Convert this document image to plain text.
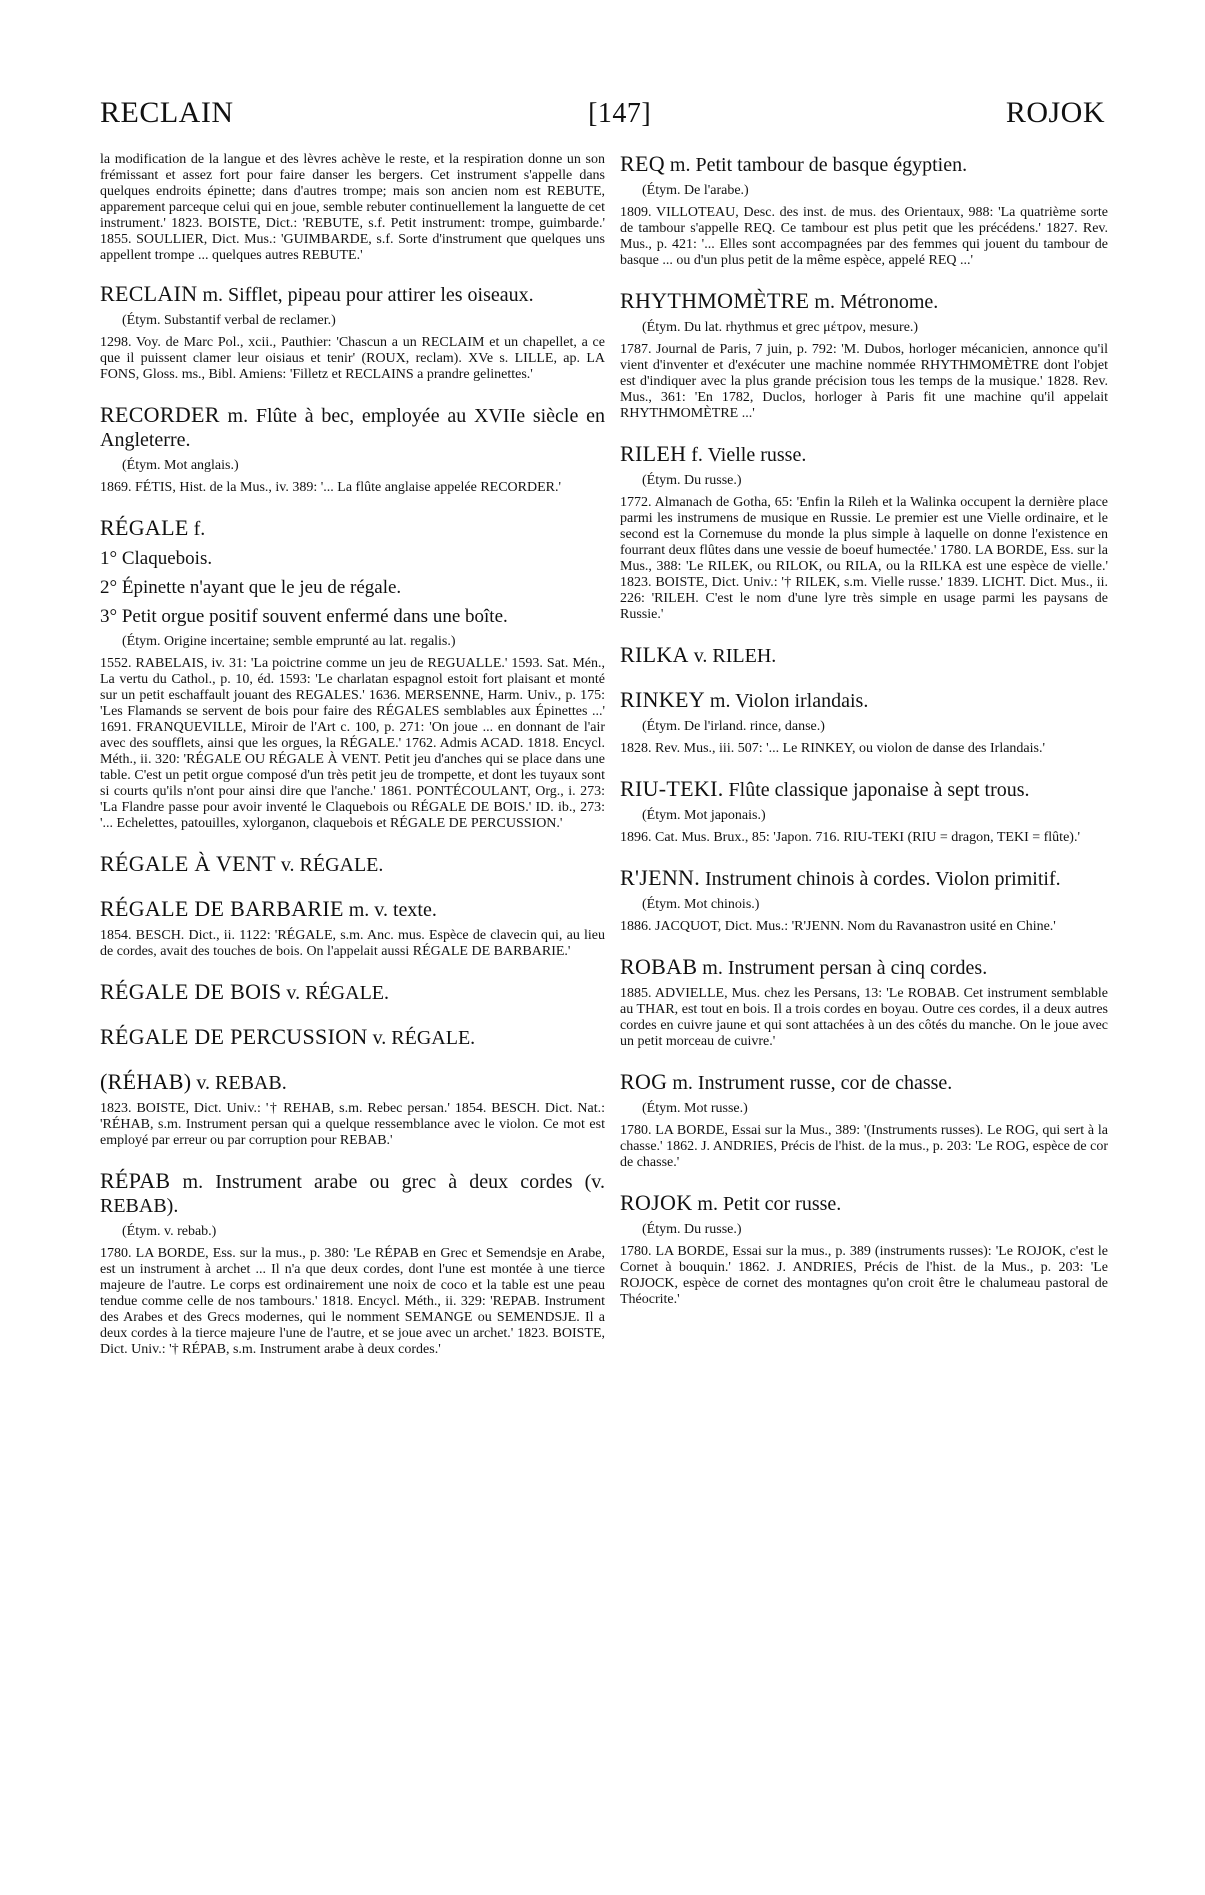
RECLAIN	[147]	ROJOK
la modification de la langue et des lèvres achève le reste, et la respiration donne un son frémissant et assez fort pour faire danser les bergers. Cet instrument s'appelle dans quelques endroits épinette; dans d'autres trompe; mais son ancien nom est REBUTE, apparement parceque celui qui en joue, semble rebuter continuellement la languette de cet instrument.' 1823. BOISTE, Dict.: 'REBUTE, s.f. Petit instrument: trompe, guimbarde.' 1855. SOULLIER, Dict. Mus.: 'GUIMBARDE, s.f. Sorte d'instrument que quelques uns appellent trompe ... quelques autres REBUTE.'
RECLAIN m. Sifflet, pipeau pour attirer les oiseaux.
(Étym. Substantif verbal de reclamer.)
1298. Voy. de Marc Pol., xcii., Pauthier: 'Chascun a un RECLAIM et un chapellet, a ce que il puissent clamer leur oisiaus et tenir' (ROUX, reclam). XVe s. LILLE, ap. LA FONS, Gloss. ms., Bibl. Amiens: 'Filletz et RECLAINS a prandre gelinettes.'
RECORDER m. Flûte à bec, employée au XVIIe siècle en Angleterre.
(Étym. Mot anglais.)
1869. FÉTIS, Hist. de la Mus., iv. 389: '... La flûte anglaise appelée RECORDER.'
RÉGALE f.
1° Claquebois.
2° Épinette n'ayant que le jeu de régale.
3° Petit orgue positif souvent enfermé dans une boîte.
(Étym. Origine incertaine; semble emprunté au lat. regalis.)
1552. RABELAIS, iv. 31: 'La poictrine comme un jeu de REGUALLE.' 1593. Sat. Mén., La vertu du Cathol., p. 10, éd. 1593: 'Le charlatan espagnol estoit fort plaisant et monté sur un petit eschaffault jouant des REGALES.' 1636. MERSENNE, Harm. Univ., p. 175: 'Les Flamands se servent de bois pour faire des RÉGALES semblables aux Épinettes ...' 1691. FRANQUEVILLE, Miroir de l'Art c. 100, p. 271: 'On joue ... en donnant de l'air avec des soufflets, ainsi que les orgues, la RÉGALE.' 1762. Admis ACAD. 1818. Encycl. Méth., ii. 320: 'RÉGALE OU RÉGALE À VENT. Petit jeu d'anches qui se place dans une table. C'est un petit orgue composé d'un très petit jeu de trompette, et dont les tuyaux sont si courts qu'ils n'ont pour ainsi dire que l'anche.' 1861. PONTÉCOULANT, Org., i. 273: 'La Flandre passe pour avoir inventé le Claquebois ou RÉGALE DE BOIS.' ID. ib., 273: '... Echelettes, patouilles, xylorganon, claquebois et RÉGALE DE PERCUSSION.'
RÉGALE À VENT v. RÉGALE.
RÉGALE DE BARBARIE m. v. texte.
1854. BESCH. Dict., ii. 1122: 'RÉGALE, s.m. Anc. mus. Espèce de clavecin qui, au lieu de cordes, avait des touches de bois. On l'appelait aussi RÉGALE DE BARBARIE.'
RÉGALE DE BOIS v. RÉGALE.
RÉGALE DE PERCUSSION v. RÉGALE.
(RÉHAB) v. REBAB.
1823. BOISTE, Dict. Univ.: '† REHAB, s.m. Rebec persan.' 1854. BESCH. Dict. Nat.: 'RÉHAB, s.m. Instrument persan qui a quelque ressemblance avec le violon. Ce mot est employé par erreur ou par corruption pour REBAB.'
RÉPAB m. Instrument arabe ou grec à deux cordes (v. REBAB).
(Étym. v. rebab.)
1780. LA BORDE, Ess. sur la mus., p. 380: 'Le RÉPAB en Grec et Semendsje en Arabe, est un instrument à archet ... Il n'a que deux cordes, dont l'une est montée à une tierce majeure de l'autre. Le corps est ordinairement une noix de coco et la table est une peau tendue comme celle de nos tambours.' 1818. Encycl. Méth., ii. 329: 'REPAB. Instrument des Arabes et des Grecs modernes, qui le nomment SEMANGE ou SEMENDSJE. Il a deux cordes à la tierce majeure l'une de l'autre, et se joue avec un archet.' 1823. BOISTE, Dict. Univ.: '† RÉPAB, s.m. Instrument arabe à deux cordes.'
REQ m. Petit tambour de basque égyptien.
(Étym. De l'arabe.)
1809. VILLOTEAU, Desc. des inst. de mus. des Orientaux, 988: 'La quatrième sorte de tambour s'appelle REQ. Ce tambour est plus petit que les précédens.' 1827. Rev. Mus., p. 421: '... Elles sont accompagnées par des femmes qui jouent du tambour de basque ... ou d'un plus petit de la même espèce, appelé REQ ...'
RHYTHMOMÈTRE m. Métronome.
(Étym. Du lat. rhythmus et grec μέτρον, mesure.)
1787. Journal de Paris, 7 juin, p. 792: 'M. Dubos, horloger mécanicien, annonce qu'il vient d'inventer et d'exécuter une machine nommée RHYTHMOMÈTRE dont l'objet est d'indiquer avec la plus grande précision tous les temps de la musique.' 1828. Rev. Mus., 361: 'En 1782, Duclos, horloger à Paris fit une machine qu'il appelait RHYTHMOMÈTRE ...'
RILEH f. Vielle russe.
(Étym. Du russe.)
1772. Almanach de Gotha, 65: 'Enfin la Rileh et la Walinka occupent la dernière place parmi les instrumens de musique en Russie. Le premier est une Vielle ordinaire, et le second est la Cornemuse du monde la plus simple à laquelle on donne l'existence en fourrant deux flûtes dans une vessie de boeuf humectée.' 1780. LA BORDE, Ess. sur la Mus., 388: 'Le RILEK, ou RILOK, ou RILA, ou la RILKA est une espèce de vielle.' 1823. BOISTE, Dict. Univ.: '† RILEK, s.m. Vielle russe.' 1839. LICHT. Dict. Mus., ii. 226: 'RILEH. C'est le nom d'une lyre très simple en usage parmi les paysans de Russie.'
RILKA v. RILEH.
RINKEY m. Violon irlandais.
(Étym. De l'irland. rince, danse.)
1828. Rev. Mus., iii. 507: '... Le RINKEY, ou violon de danse des Irlandais.'
RIU-TEKI. Flûte classique japonaise à sept trous.
(Étym. Mot japonais.)
1896. Cat. Mus. Brux., 85: 'Japon. 716. RIU-TEKI (RIU = dragon, TEKI = flûte).'
R'JENN. Instrument chinois à cordes. Violon primitif.
(Étym. Mot chinois.)
1886. JACQUOT, Dict. Mus.: 'R'JENN. Nom du Ravanastron usité en Chine.'
ROBAB m. Instrument persan à cinq cordes.
1885. ADVIELLE, Mus. chez les Persans, 13: 'Le ROBAB. Cet instrument semblable au THAR, est tout en bois. Il a trois cordes en boyau. Outre ces cordes, il a deux autres cordes en cuivre jaune et qui sont attachées à un des côtés du manche. On le joue avec un petit morceau de cuivre.'
ROG m. Instrument russe, cor de chasse.
(Étym. Mot russe.)
1780. LA BORDE, Essai sur la Mus., 389: '(Instruments russes). Le ROG, qui sert à la chasse.' 1862. J. ANDRIES, Précis de l'hist. de la mus., p. 203: 'Le ROG, espèce de cor de chasse.'
ROJOK m. Petit cor russe.
(Étym. Du russe.)
1780. LA BORDE, Essai sur la mus., p. 389 (instruments russes): 'Le ROJOK, c'est le Cornet à bouquin.' 1862. J. ANDRIES, Précis de l'hist. de la Mus., p. 203: 'Le ROJOCK, espèce de cornet des montagnes qu'on croit être le chalumeau pastoral de Théocrite.'
